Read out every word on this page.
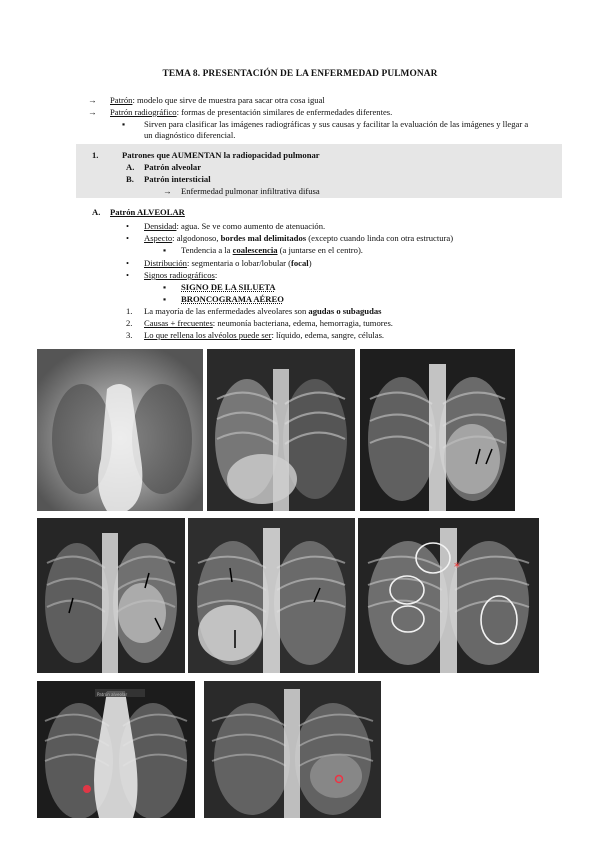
TEMA 8. PRESENTACIÓN DE LA ENFERMEDAD PULMONAR
→ Patrón: modelo que sirve de muestra para sacar otra cosa igual
→ Patrón radiográfico: formas de presentación similares de enfermedades diferentes.
▪ Sirven para clasificar las imágenes radiográficas y sus causas y facilitar la evaluación de las imágenes y llegar a
un diagnóstico diferencial.
1.	Patrones que AUMENTAN la radiopacidad pulmonar
A. Patrón alveolar
B. Patrón intersticial
→ Enfermedad pulmonar infiltrativa difusa
A. Patrón ALVEOLAR
• Densidad: agua. Se ve como aumento de atenuación.
• Aspecto: algodonoso, bordes mal delimitados (excepto cuando linda con otra estructura)
▪ Tendencia a la coalescencia (a juntarse en el centro).
• Distribución: segmentaria o lobar/lobular (focal)
• Signos radiográficos:
▪ SIGNO DE LA SILUETA
▪ BRONCOGRAMA AÉREO
1. La mayoría de las enfermedades alveolares son agudas o subagudas
2. Causas + frecuentes: neumonía bacteriana, edema, hemorragia, tumores.
3. Lo que rellena los alvéolos puede ser: líquido, edema, sangre, células.
*
Patrón alveolar
